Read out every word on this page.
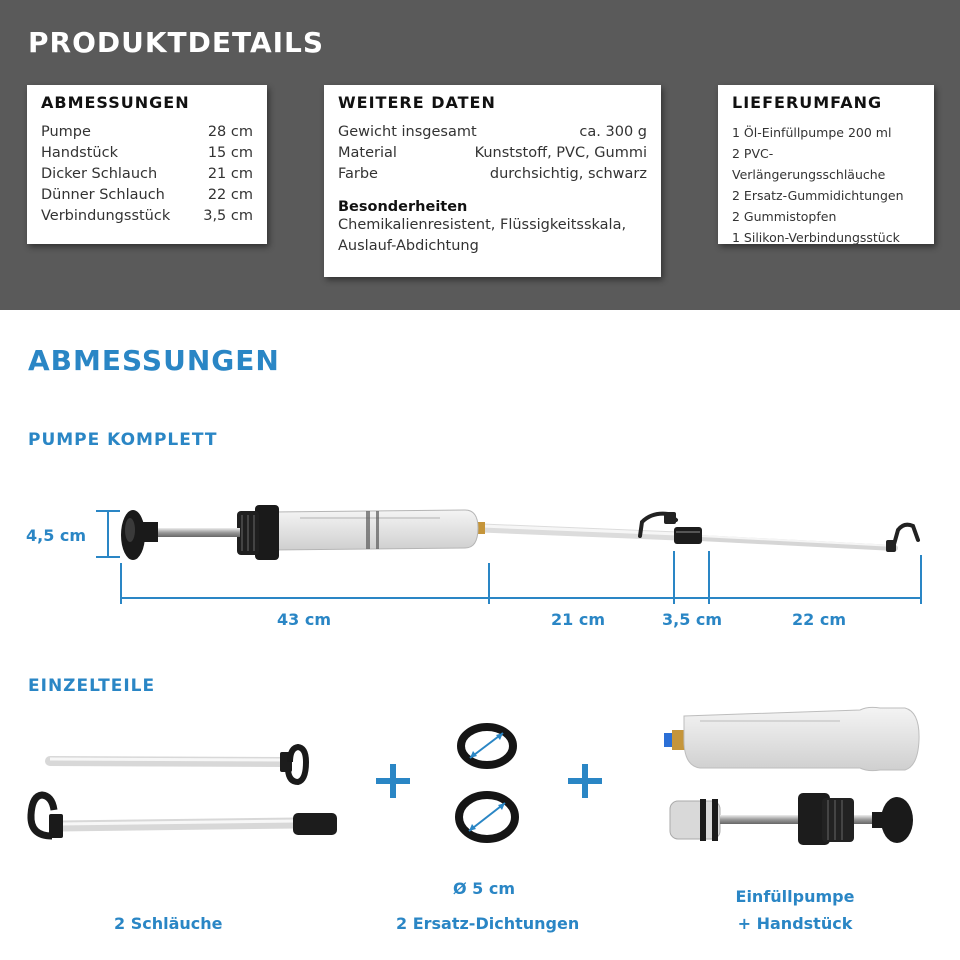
PRODUKTDETAILS
ABMESSUNGEN
Pumpe	28 cm
Handstück	15 cm
Dicker Schlauch	21 cm
Dünner Schlauch	22 cm
Verbindungsstück 3,5 cm
WEITERE DATEN
Gewicht insgesamt	ca. 300 g
Material	Kunststoff, PVC, Gummi
Farbe	durchsichtig, schwarz
Besonderheiten
Chemikalienresistent, Flüssigkeitsskala,
Auslauf-Abdichtung
LIEFERUMFANG
1 Öl-Einfüllpumpe 200 ml
2 PVC-Verlängerungsschläuche
2 Ersatz-Gummidichtungen
2 Gummistopfen
1 Silikon-Verbindungsstück
ABMESSUNGEN
PUMPE KOMPLETT
EINZELTEILE
4,5 cm
43 cm	21 cm	3,5 cm	22 cm
Ø 5 cm
2 Schläuche	2 Ersatz-Dichtungen
Einfüllpumpe
+ Handstück
